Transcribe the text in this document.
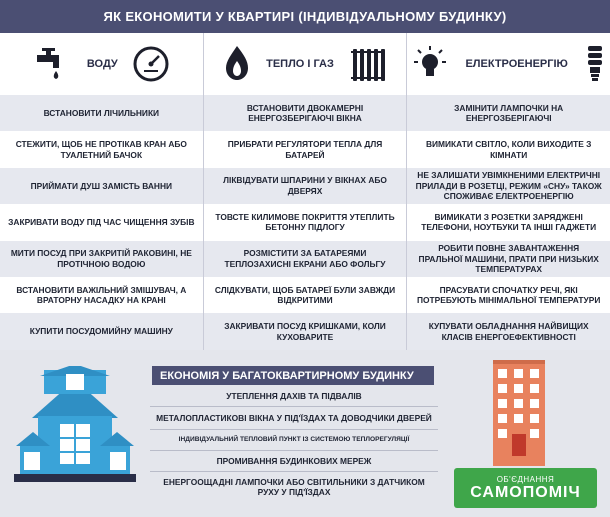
ЯК ЕКОНОМИТИ У КВАРТИРІ (ІНДИВІДУАЛЬНОМУ БУДИНКУ)
ВОДУ	ТЕПЛО І ГАЗ	ЕЛЕКТРОЕНЕРГІЮ
ВСТАНОВИТИ ЛІЧИЛЬНИКИ
ВСТАНОВИТИ ДВОКАМЕРНІ ЕНЕРГОЗБЕРІГАЮЧІ ВІКНА
ЗАМІНИТИ ЛАМПОЧКИ НА ЕНЕРГОЗБЕРІГАЮЧІ
СТЕЖИТИ, ЩОБ НЕ ПРОТІКАВ КРАН АБО ТУАЛЕТНИЙ БАЧОК
ПРИБРАТИ РЕГУЛЯТОРИ ТЕПЛА ДЛЯ БАТАРЕЙ
ВИМИКАТИ СВІТЛО, КОЛИ ВИХОДИТЕ З КІМНАТИ
ПРИЙМАТИ ДУШ ЗАМІСТЬ ВАННИ
ЛІКВІДУВАТИ ШПАРИНИ У ВІКНАХ АБО ДВЕРЯХ
НЕ ЗАЛИШАТИ УВІМКНЕНИМИ ЕЛЕКТРИЧНІ ПРИЛАДИ В РОЗЕТЦІ, РЕЖИМ «СНУ» ТАКОЖ СПОЖИВАЄ ЕЛЕКТРОЕНЕРГІЮ
ЗАКРИВАТИ ВОДУ ПІД ЧАС ЧИЩЕННЯ ЗУБІВ
ТОВСТЕ КИЛИМОВЕ ПОКРИТТЯ УТЕПЛИТЬ БЕТОННУ ПІДЛОГУ
ВИМИКАТИ З РОЗЕТКИ ЗАРЯДЖЕНІ ТЕЛЕФОНИ, НОУТБУКИ ТА ІНШІ ГАДЖЕТИ
МИТИ ПОСУД ПРИ ЗАКРИТІЙ РАКОВИНІ, НЕ ПРОТІЧНОЮ ВОДОЮ
РОЗМІСТИТИ ЗА БАТАРЕЯМИ ТЕПЛОЗАХИСНІ ЕКРАНИ АБО ФОЛЬГУ
РОБИТИ ПОВНЕ ЗАВАНТАЖЕННЯ ПРАЛЬНОЇ МАШИНИ, ПРАТИ ПРИ НИЗЬКИХ ТЕМПЕРАТУРАХ
ВСТАНОВИТИ ВАЖІЛЬНИЙ ЗМІШУВАЧ, А ВРАТОРНУ НАСАДКУ НА КРАНІ
СЛІДКУВАТИ, ЩОБ БАТАРЕЇ БУЛИ ЗАВЖДИ ВІДКРИТИМИ
ПРАСУВАТИ СПОЧАТКУ РЕЧІ, ЯКІ ПОТРЕБУЮТЬ МІНІМАЛЬНОЇ ТЕМПЕРАТУРИ
КУПИТИ ПОСУДОМИЙНУ МАШИНУ
ЗАКРИВАТИ ПОСУД КРИШКАМИ, КОЛИ КУХОВАРИТЕ
КУПУВАТИ ОБЛАДНАННЯ НАЙВИЩИХ КЛАСІВ ЕНЕРГОЕФЕКТИВНОСТІ
ЕКОНОМІЯ У БАГАТОКВАРТИРНОМУ БУДИНКУ
УТЕПЛЕННЯ ДАХІВ ТА ПІДВАЛІВ
МЕТАЛОПЛАСТИКОВІ ВІКНА У ПІД'ЇЗДАХ ТА ДОВОДЧИКИ ДВЕРЕЙ
ІНДИВІДУАЛЬНИЙ ТЕПЛОВИЙ ПУНКТ ІЗ СИСТЕМОЮ ТЕПЛОРЕГУЛЯЦІЇ
ПРОМИВАННЯ БУДИНКОВИХ МЕРЕЖ
ЕНЕРГООЩАДНІ ЛАМПОЧКИ АБО СВІТИЛЬНИКИ З ДАТЧИКОМ РУХУ У ПІД'ЇЗДАХ
ОБ'ЄДНАННЯ
САМОПОМІЧ
